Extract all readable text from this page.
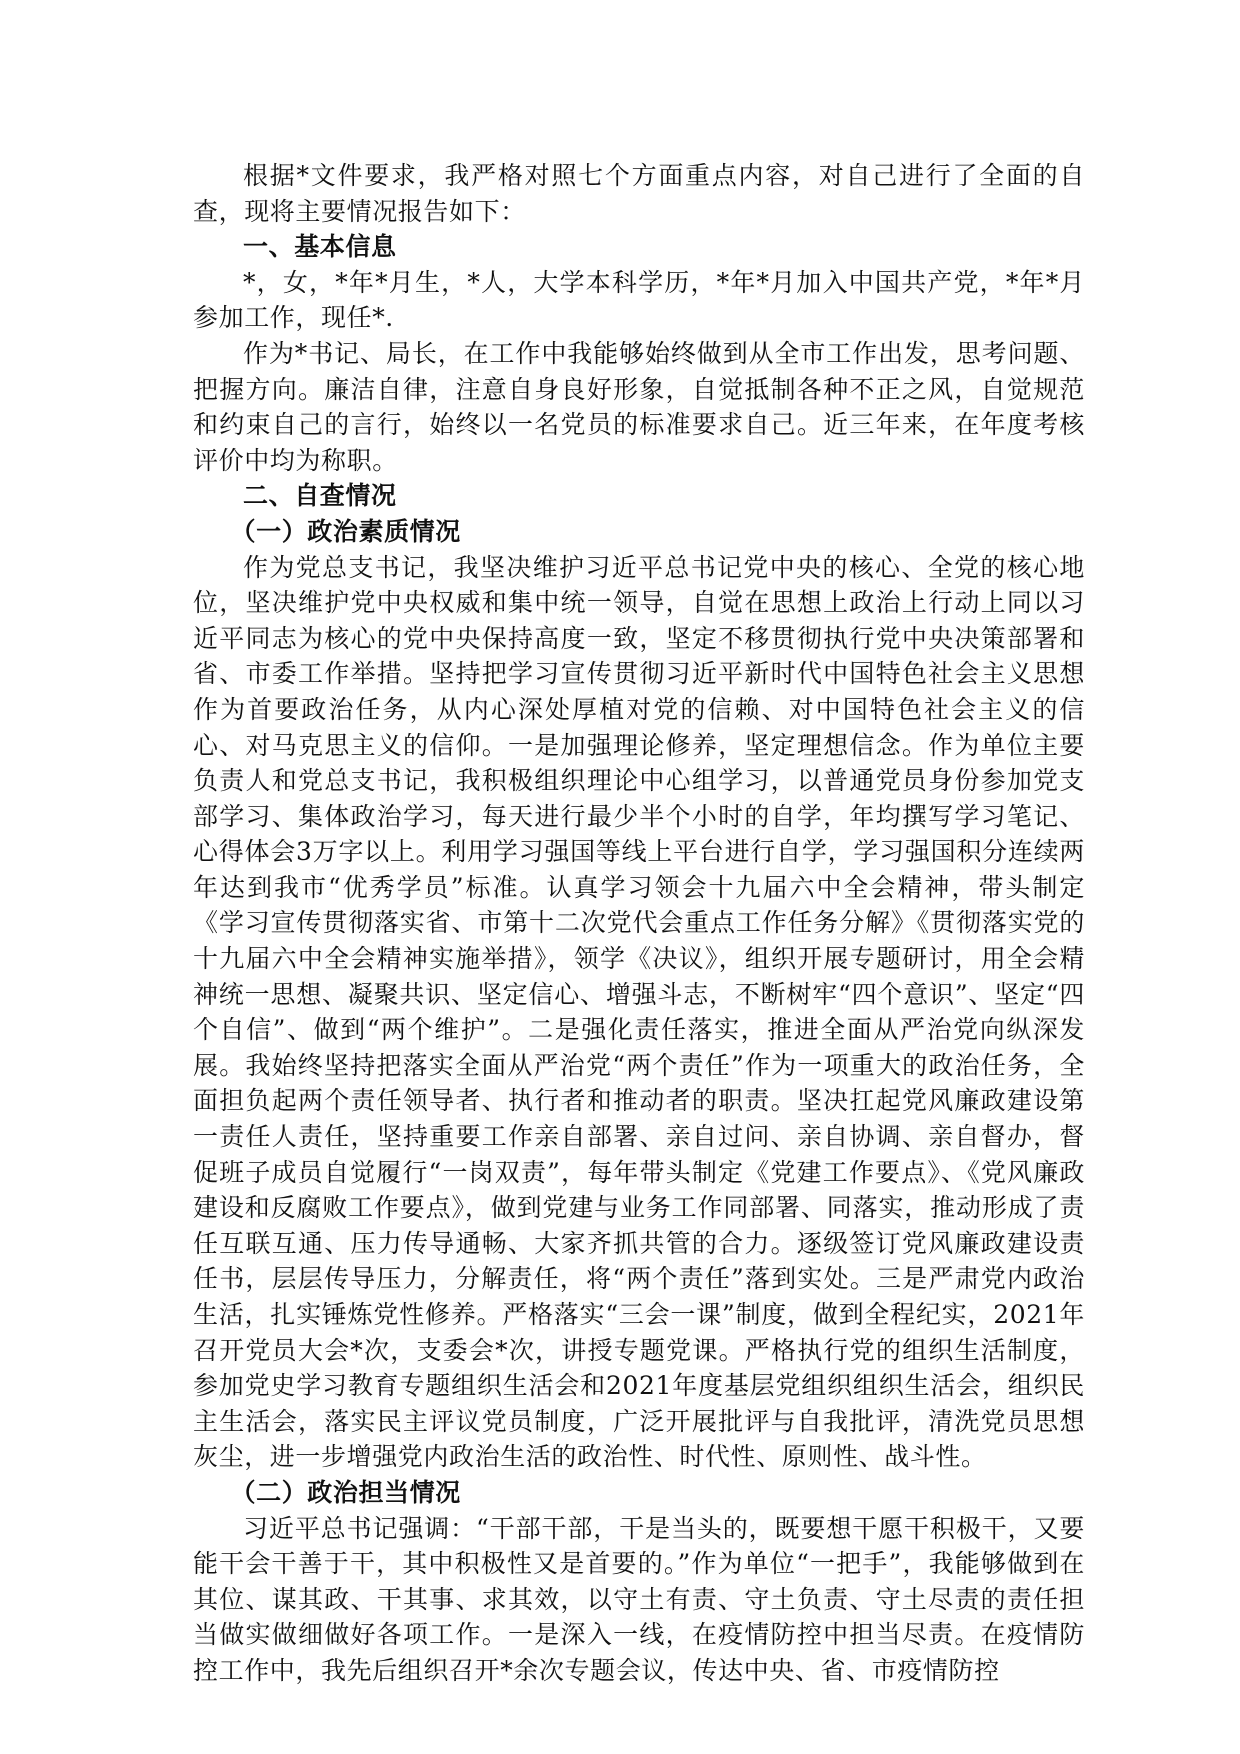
根据*文件要求，我严格对照七个方面重点内容，对自己进行了全面的自查，现将主要情况报告如下：

一、基本信息

*，女，*年*月生，*人，大学本科学历，*年*月加入中国共产党，*年*月参加工作，现任*.

作为*书记、局长，在工作中我能够始终做到从全市工作出发，思考问题、把握方向。廉洁自律，注意自身良好形象，自觉抵制各种不正之风，自觉规范和约束自己的言行，始终以一名党员的标准要求自己。近三年来，在年度考核评价中均为称职。

二、自查情况

（一）政治素质情况

作为党总支书记，我坚决维护习近平总书记党中央的核心、全党的核心地位，坚决维护党中央权威和集中统一领导，自觉在思想上政治上行动上同以习近平同志为核心的党中央保持高度一致，坚定不移贯彻执行党中央决策部署和省、市委工作举措。坚持把学习宣传贯彻习近平新时代中国特色社会主义思想作为首要政治任务，从内心深处厚植对党的信赖、对中国特色社会主义的信心、对马克思主义的信仰。一是加强理论修养，坚定理想信念。作为单位主要负责人和党总支书记，我积极组织理论中心组学习，以普通党员身份参加党支部学习、集体政治学习，每天进行最少半个小时的自学，年均撰写学习笔记、心得体会3万字以上。利用学习强国等线上平台进行自学，学习强国积分连续两年达到我市“优秀学员”标准。认真学习领会十九届六中全会精神，带头制定《学习宣传贯彻落实省、市第十二次党代会重点工作任务分解》《贯彻落实党的十九届六中全会精神实施举措》，领学《决议》，组织开展专题研讨，用全会精神统一思想、凝聚共识、坚定信心、增强斗志，不断树牢“四个意识”、坚定“四个自信”、做到“两个维护”。二是强化责任落实，推进全面从严治党向纵深发展。我始终坚持把落实全面从严治党“两个责任”作为一项重大的政治任务，全面担负起两个责任领导者、执行者和推动者的职责。坚决扛起党风廉政建设第一责任人责任，坚持重要工作亲自部署、亲自过问、亲自协调、亲自督办，督促班子成员自觉履行“一岗双责”，每年带头制定《党建工作要点》、《党风廉政建设和反腐败工作要点》，做到党建与业务工作同部署、同落实，推动形成了责任互联互通、压力传导通畅、大家齐抓共管的合力。逐级签订党风廉政建设责任书，层层传导压力，分解责任，将“两个责任”落到实处。三是严肃党内政治生活，扎实锤炼党性修养。严格落实“三会一课”制度，做到全程纪实，2021年召开党员大会*次，支委会*次，讲授专题党课。严格执行党的组织生活制度，参加党史学习教育专题组织生活会和2021年度基层党组织组织生活会，组织民主生活会，落实民主评议党员制度，广泛开展批评与自我批评，清洗党员思想灰尘，进一步增强党内政治生活的政治性、时代性、原则性、战斗性。

（二）政治担当情况

习近平总书记强调：“干部干部，干是当头的，既要想干愿干积极干，又要能干会干善于干，其中积极性又是首要的。”作为单位“一把手”，我能够做到在其位、谋其政、干其事、求其效，以守土有责、守土负责、守土尽责的责任担当做实做细做好各项工作。一是深入一线，在疫情防控中担当尽责。在疫情防控工作中，我先后组织召开*余次专题会议，传达中央、省、市疫情防控
